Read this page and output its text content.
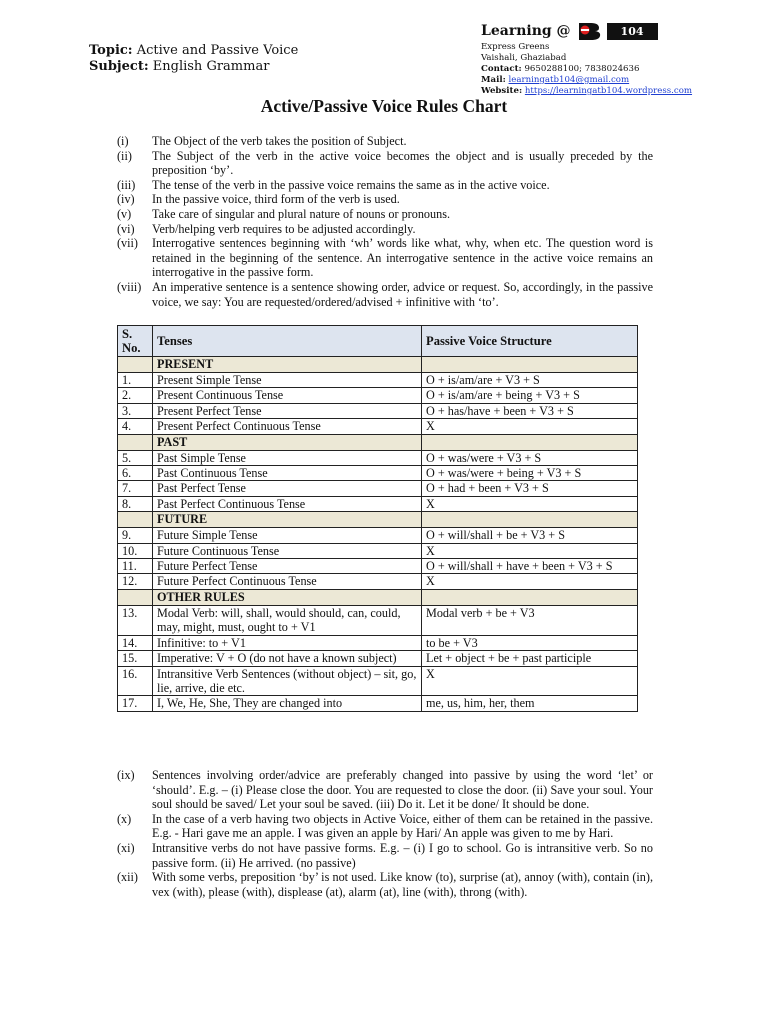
Topic: Active and Passive Voice
Subject: English Grammar
Learning @	104
Express Greens
Vaishali, Ghaziabad
Contact: 9650288100; 7838024636
Mail: learningatb104@gmail.com
Website: https://learningatb104.wordpress.com
Active/Passive Voice Rules Chart
(i)	The Object of the verb takes the position of Subject.
(ii)	The Subject of the verb in the active voice becomes the object and is usually preceded by the preposition ‘by’.
(iii)	The tense of the verb in the passive voice remains the same as in the active voice.
(iv)	In the passive voice, third form of the verb is used.
(v)	Take care of singular and plural nature of nouns or pronouns.
(vi)	Verb/helping verb requires to be adjusted accordingly.
(vii)	Interrogative sentences beginning with ‘wh’ words like what, why, when etc. The question word is retained in the beginning of the sentence. An interrogative sentence in the active voice remains an interrogative in the passive form.
(viii) An imperative sentence is a sentence showing order, advice or request. So, accordingly, in the passive voice, we say: You are requested/ordered/advised + infinitive with ‘to’.
S. No.	Tenses	Passive Voice Structure
	PRESENT	
1.	Present Simple Tense	O + is/am/are + V3 + S
2.	Present Continuous Tense	O + is/am/are + being + V3 + S
3.	Present Perfect Tense	O + has/have + been + V3 + S
4.	Present Perfect Continuous Tense	X
	PAST	
5.	Past Simple Tense	O + was/were + V3 + S
6.	Past Continuous Tense	O + was/were + being + V3 + S
7.	Past Perfect Tense	O + had + been + V3 + S
8.	Past Perfect Continuous Tense	X
	FUTURE	
9.	Future Simple Tense	O + will/shall + be + V3 + S
10.	Future Continuous Tense	X
11.	Future Perfect Tense	O + will/shall + have + been + V3 + S
12.	Future Perfect Continuous Tense	X
	OTHER RULES	
13.	Modal Verb: will, shall, would should, can, could, may, might, must, ought to + V1	Modal verb + be + V3
14.	Infinitive: to + V1	to be + V3
15.	Imperative: V + O (do not have a known subject)	Let + object + be + past participle
16.	Intransitive Verb Sentences (without object) – sit, go, lie, arrive, die etc.	X
17.	I, We, He, She, They are changed into	me, us, him, her, them
(ix)	Sentences involving order/advice are preferably changed into passive by using the word ‘let’ or ‘should’. E.g. – (i) Please close the door. You are requested to close the door. (ii) Save your soul. Your soul should be saved/ Let your soul be saved. (iii) Do it. Let it be done/ It should be done.
(x)	In the case of a verb having two objects in Active Voice, either of them can be retained in the passive. E.g. - Hari gave me an apple. I was given an apple by Hari/ An apple was given to me by Hari.
(xi)	Intransitive verbs do not have passive forms. E.g. – (i) I go to school. Go is intransitive verb. So no passive form. (ii) He arrived. (no passive)
(xii)	With some verbs, preposition ‘by’ is not used. Like know (to), surprise (at), annoy (with), contain (in), vex (with), please (with), displease (at), alarm (at), line (with), throng (with).
